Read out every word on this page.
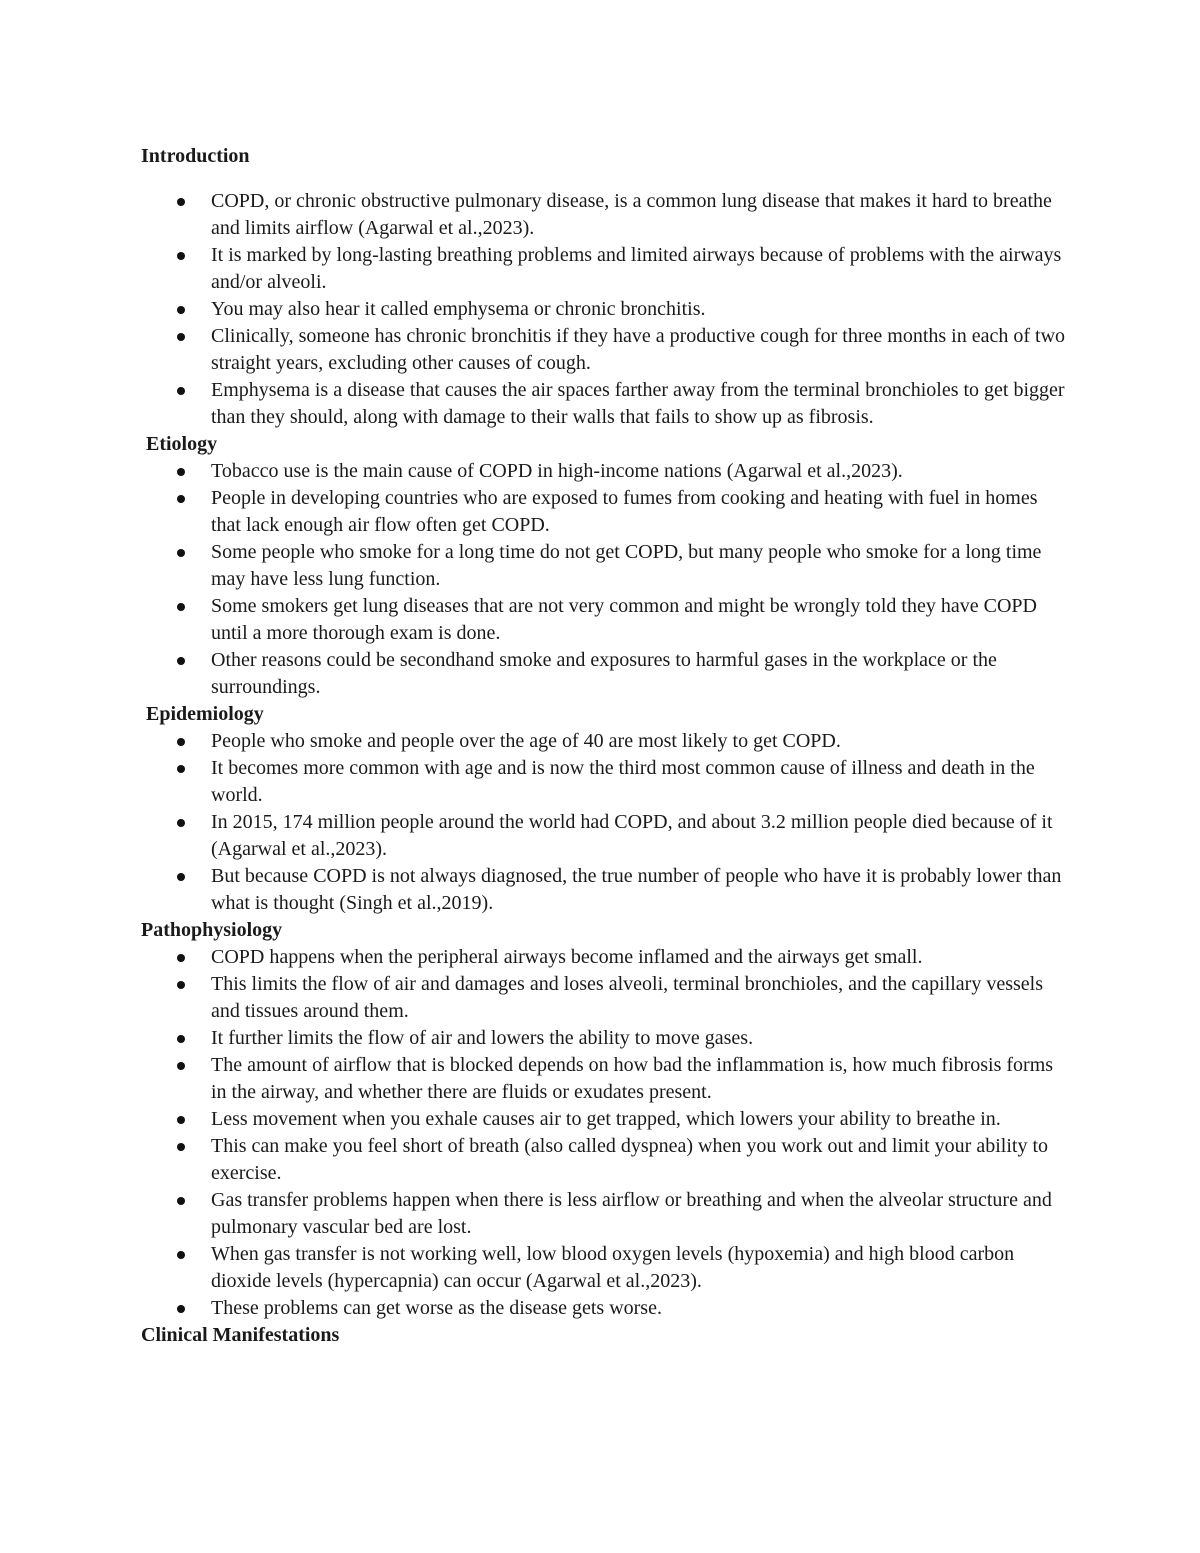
Introduction
COPD, or chronic obstructive pulmonary disease, is a common lung disease that makes it hard to breathe and limits airflow (Agarwal et al.,2023).
It is marked by long-lasting breathing problems and limited airways because of problems with the airways and/or alveoli.
You may also hear it called emphysema or chronic bronchitis.
Clinically, someone has chronic bronchitis if they have a productive cough for three months in each of two straight years, excluding other causes of cough.
Emphysema is a disease that causes the air spaces farther away from the terminal bronchioles to get bigger than they should, along with damage to their walls that fails to show up as fibrosis.
Etiology
Tobacco use is the main cause of COPD in high-income nations (Agarwal et al.,2023).
People in developing countries who are exposed to fumes from cooking and heating with fuel in homes that lack enough air flow often get COPD.
Some people who smoke for a long time do not get COPD, but many people who smoke for a long time may have less lung function.
Some smokers get lung diseases that are not very common and might be wrongly told they have COPD until a more thorough exam is done.
Other reasons could be secondhand smoke and exposures to harmful gases in the workplace or the surroundings.
Epidemiology
People who smoke and people over the age of 40 are most likely to get COPD.
It becomes more common with age and is now the third most common cause of illness and death in the world.
In 2015, 174 million people around the world had COPD, and about 3.2 million people died because of it (Agarwal et al.,2023).
But because COPD is not always diagnosed, the true number of people who have it is probably lower than what is thought (Singh et al.,2019).
Pathophysiology
COPD happens when the peripheral airways become inflamed and the airways get small.
This limits the flow of air and damages and loses alveoli, terminal bronchioles, and the capillary vessels and tissues around them.
It further limits the flow of air and lowers the ability to move gases.
The amount of airflow that is blocked depends on how bad the inflammation is, how much fibrosis forms in the airway, and whether there are fluids or exudates present.
Less movement when you exhale causes air to get trapped, which lowers your ability to breathe in.
This can make you feel short of breath (also called dyspnea) when you work out and limit your ability to exercise.
Gas transfer problems happen when there is less airflow or breathing and when the alveolar structure and pulmonary vascular bed are lost.
When gas transfer is not working well, low blood oxygen levels (hypoxemia) and high blood carbon dioxide levels (hypercapnia) can occur (Agarwal et al.,2023).
These problems can get worse as the disease gets worse.
Clinical Manifestations
